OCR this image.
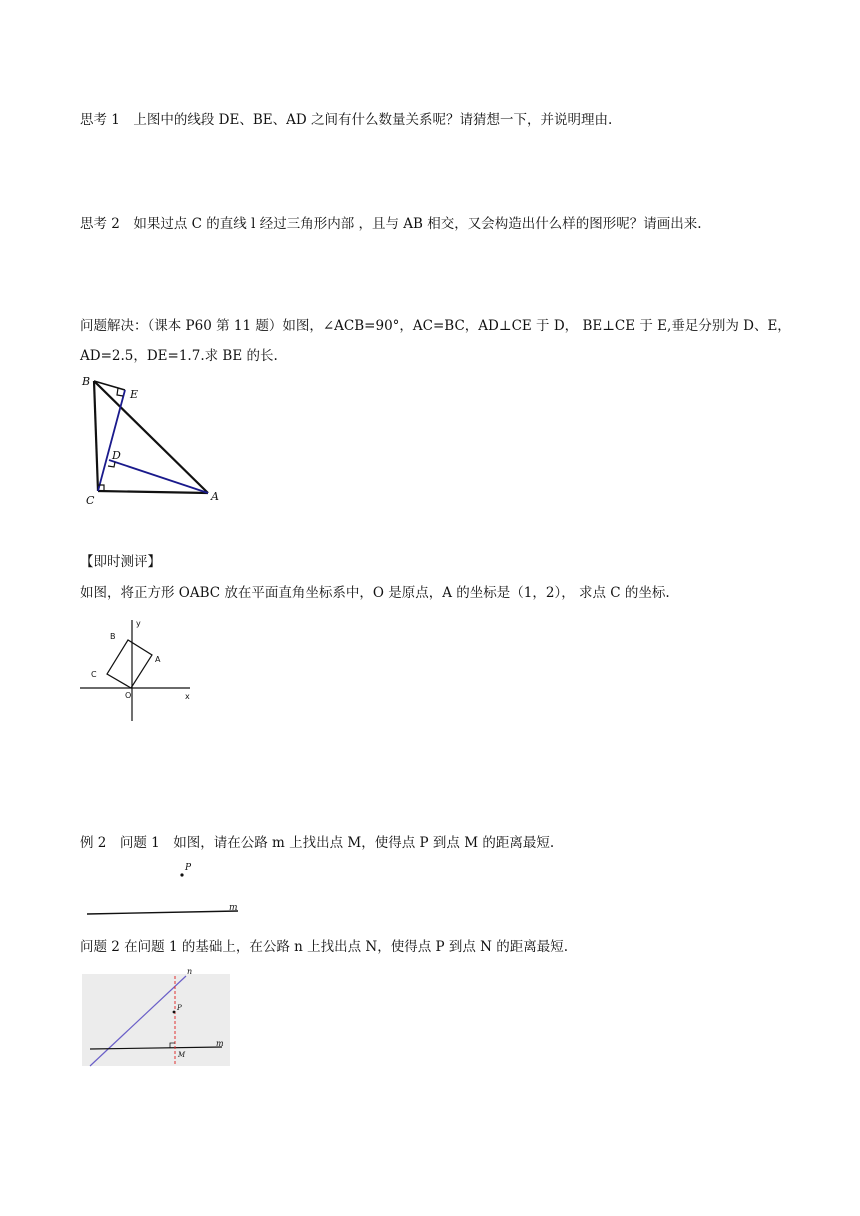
思考 1　上图中的线段 DE、BE、AD 之间有什么数量关系呢？请猜想一下，并说明理由.
思考 2　如果过点 C 的直线 l 经过三角形内部 ，且与 AB 相交，又会构造出什么样的图形呢？请画出来.
问题解决：（课本 P60 第 11 题）如图，∠ACB=90°，AC=BC，AD⊥CE 于 D， BE⊥CE 于 E,垂足分别为 D、E，
AD=2.5，DE=1.7.求 BE 的长.
B
E
D
C	A
【即时测评】
如图，将正方形 OABC 放在平面直角坐标系中，O 是原点，A 的坐标是（1，2）， 求点 C 的坐标.
y
x
O
A
B
C
例 2　问题 1　如图，请在公路 m 上找出点 M，使得点 P 到点 M 的距离最短.
P
m
问题 2 在问题 1 的基础上，在公路 n 上找出点 N，使得点 P 到点 N 的距离最短.
n
m
P
M
